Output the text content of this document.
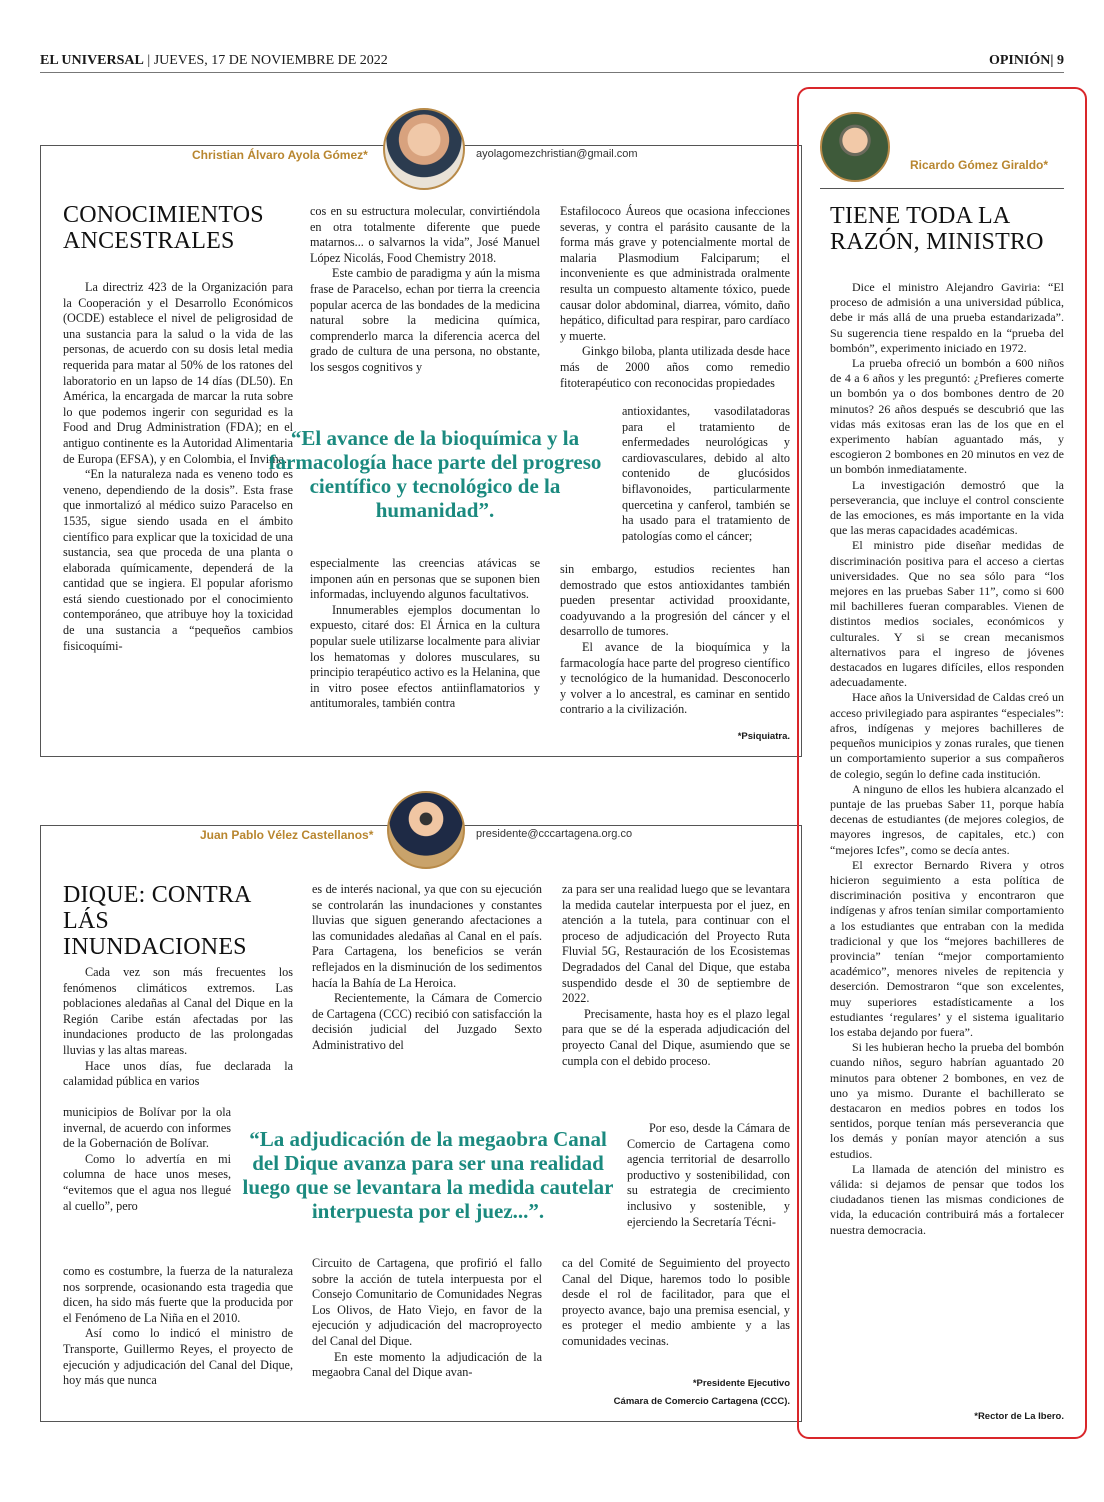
EL UNIVERSAL | JUEVES, 17 DE NOVIEMBRE DE 2022	OPINIÓN| 9
Christian Álvaro Ayola Gómez*	ayolagomezchristian@gmail.com
CONOCIMIENTOS ANCESTRALES

La directriz 423 de la Organización para la Cooperación y el Desarrollo Económicos (OCDE) establece el nivel de peligrosidad de una sustancia para la salud o la vida de las personas, de acuerdo con su dosis letal media requerida para matar al 50% de los ratones del laboratorio en un lapso de 14 días (DL50). En América, la encargada de marcar la ruta sobre lo que podemos ingerir con seguridad es la Food and Drug Administration (FDA); en el antiguo continente es la Autoridad Alimentaria de Europa (EFSA), y en Colombia, el Invima.

“En la naturaleza nada es veneno todo es veneno, dependiendo de la dosis”. Esta frase que inmortalizó al médico suizo Paracelso en 1535, sigue siendo usada en el ámbito científico para explicar que la toxicidad de una sustancia, sea que proceda de una planta o elaborada químicamente, dependerá de la cantidad que se ingiera. El popular aforismo está siendo cuestionado por el conocimiento contemporáneo, que atribuye hoy la toxicidad de una sustancia a “pequeños cambios fisicoquími-

cos en su estructura molecular, convirtiéndola en otra totalmente diferente que puede matarnos... o salvarnos la vida”, José Manuel López Nicolás, Food Chemistry 2018.

Este cambio de paradigma y aún la misma frase de Paracelso, echan por tierra la creencia popular acerca de las bondades de la medicina natural sobre la medicina química, comprenderlo marca la diferencia acerca del grado de cultura de una persona, no obstante, los sesgos cognitivos y

“El avance de la bioquímica y la farmacología hace parte del progreso científico y tecnológico de la humanidad”.

especialmente las creencias atávicas se imponen aún en personas que se suponen bien informadas, incluyendo algunos facultativos.

Innumerables ejemplos documentan lo expuesto, citaré dos: El Árnica en la cultura popular suele utilizarse localmente para aliviar los hematomas y dolores musculares, su principio terapéutico activo es la Helanina, que in vitro posee efectos antiinflamatorios y antitumorales, también contra

Estafilococo Áureos que ocasiona infecciones severas, y contra el parásito causante de la forma más grave y potencialmente mortal de malaria Plasmodium Falciparum; el inconveniente es que administrada oralmente resulta un compuesto altamente tóxico, puede causar dolor abdominal, diarrea, vómito, daño hepático, dificultad para respirar, paro cardíaco y muerte.

Ginkgo biloba, planta utilizada desde hace más de 2000 años como remedio fitoterapéutico con reconocidas propiedades

antioxidantes, vasodilatadoras para el tratamiento de enfermedades neurológicas y cardiovasculares, debido al alto contenido de glucósidos biflavonoides, particularmente quercetina y canferol, también se ha usado para el tratamiento de patologías como el cáncer;

sin embargo, estudios recientes han demostrado que estos antioxidantes también pueden presentar actividad prooxidante, coadyuvando a la progresión del cáncer y el desarrollo de tumores.

El avance de la bioquímica y la farmacología hace parte del progreso científico y tecnológico de la humanidad. Desconocerlo y volver a lo ancestral, es caminar en sentido contrario a la civilización.

*Psiquiatra.
Juan Pablo Vélez Castellanos*	presidente@cccartagena.org.co
DIQUE: CONTRA LÁS INUNDACIONES

Cada vez son más frecuentes los fenómenos climáticos extremos. Las poblaciones aledañas al Canal del Dique en la Región Caribe están afectadas por las inundaciones producto de las prolongadas lluvias y las altas mareas.

Hace unos días, fue declarada la calamidad pública en varios

municipios de Bolívar por la ola invernal, de acuerdo con informes de la Gobernación de Bolívar.

Como lo advertía en mi columna de hace unos meses, “evitemos que el agua nos llegué al cuello”, pero

como es costumbre, la fuerza de la naturaleza nos sorprende, ocasionando esta tragedia que dicen, ha sido más fuerte que la producida por el Fenómeno de La Niña en el 2010.

Así como lo indicó el ministro de Transporte, Guillermo Reyes, el proyecto de ejecución y adjudicación del Canal del Dique, hoy más que nunca

es de interés nacional, ya que con su ejecución se controlarán las inundaciones y constantes lluvias que siguen generando afectaciones a las comunidades aledañas al Canal en el país. Para Cartagena, los beneficios se verán reflejados en la disminución de los sedimentos hacía la Bahía de La Heroica.

Recientemente, la Cámara de Comercio de Cartagena (CCC) recibió con satisfacción la decisión judicial del Juzgado Sexto Administrativo del

“La adjudicación de la megaobra Canal del Dique avanza para ser una realidad luego que se levantara la medida cautelar interpuesta por el juez...”.

Circuito de Cartagena, que profirió el fallo sobre la acción de tutela interpuesta por el Consejo Comunitario de Comunidades Negras Los Olivos, de Hato Viejo, en favor de la ejecución y adjudicación del macroproyecto del Canal del Dique.

En este momento la adjudicación de la megaobra Canal del Dique avan-

za para ser una realidad luego que se levantara la medida cautelar interpuesta por el juez, en atención a la tutela, para continuar con el proceso de adjudicación del Proyecto Ruta Fluvial 5G, Restauración de los Ecosistemas Degradados del Canal del Dique, que estaba suspendido desde el 30 de septiembre de 2022.

Precisamente, hasta hoy es el plazo legal para que se dé la esperada adjudicación del proyecto Canal del Dique, asumiendo que se cumpla con el debido proceso.

Por eso, desde la Cámara de Comercio de Cartagena como agencia territorial de desarrollo productivo y sostenibilidad, con su estrategia de crecimiento inclusivo y sostenible, y ejerciendo la Secretaría Técni-

ca del Comité de Seguimiento del proyecto Canal del Dique, haremos todo lo posible desde el rol de facilitador, para que el proyecto avance, bajo una premisa esencial, y es proteger el medio ambiente y a las comunidades vecinas.

*Presidente Ejecutivo
Cámara de Comercio Cartagena (CCC).
Ricardo Gómez Giraldo*
TIENE TODA LA RAZÓN, MINISTRO

Dice el ministro Alejandro Gaviria: “El proceso de admisión a una universidad pública, debe ir más allá de una prueba estandarizada”. Su sugerencia tiene respaldo en la “prueba del bombón”, experimento iniciado en 1972.

La prueba ofreció un bombón a 600 niños de 4 a 6 años y les preguntó: ¿Prefieres comerte un bombón ya o dos bombones dentro de 20 minutos? 26 años después se descubrió que las vidas más exitosas eran las de los que en el experimento habían aguantado más, y escogieron 2 bombones en 20 minutos en vez de un bombón inmediatamente.

La investigación demostró que la perseverancia, que incluye el control consciente de las emociones, es más importante en la vida que las meras capacidades académicas.

El ministro pide diseñar medidas de discriminación positiva para el acceso a ciertas universidades. Que no sea sólo para “los mejores en las pruebas Saber 11”, como si 600 mil bachilleres fueran comparables. Vienen de distintos medios sociales, económicos y culturales. Y si se crean mecanismos alternativos para el ingreso de jóvenes destacados en lugares difíciles, ellos responden adecuadamente.

Hace años la Universidad de Caldas creó un acceso privilegiado para aspirantes “especiales”: afros, indígenas y mejores bachilleres de pequeños municipios y zonas rurales, que tienen un comportamiento superior a sus compañeros de colegio, según lo define cada institución.

A ninguno de ellos les hubiera alcanzado el puntaje de las pruebas Saber 11, porque había decenas de estudiantes (de mejores colegios, de mayores ingresos, de capitales, etc.) con “mejores Icfes”, como se decía antes.

El exrector Bernardo Rivera y otros hicieron seguimiento a esta política de discriminación positiva y encontraron que indígenas y afros tenían similar comportamiento a los estudiantes que entraban con la medida tradicional y que los “mejores bachilleres de provincia” tenían “mejor comportamiento académico”, menores niveles de repitencia y deserción. Demostraron “que son excelentes, muy superiores estadísticamente a los estudiantes ‘regulares’ y el sistema igualitario los estaba dejando por fuera”.

Si les hubieran hecho la prueba del bombón cuando niños, seguro habrían aguantado 20 minutos para obtener 2 bombones, en vez de uno ya mismo. Durante el bachillerato se destacaron en medios pobres en todos los sentidos, porque tenían más perseverancia que los demás y ponían mayor atención a sus estudios.

La llamada de atención del ministro es válida: si dejamos de pensar que todos los ciudadanos tienen las mismas condiciones de vida, la educación contribuirá más a fortalecer nuestra democracia.

*Rector de La Ibero.
